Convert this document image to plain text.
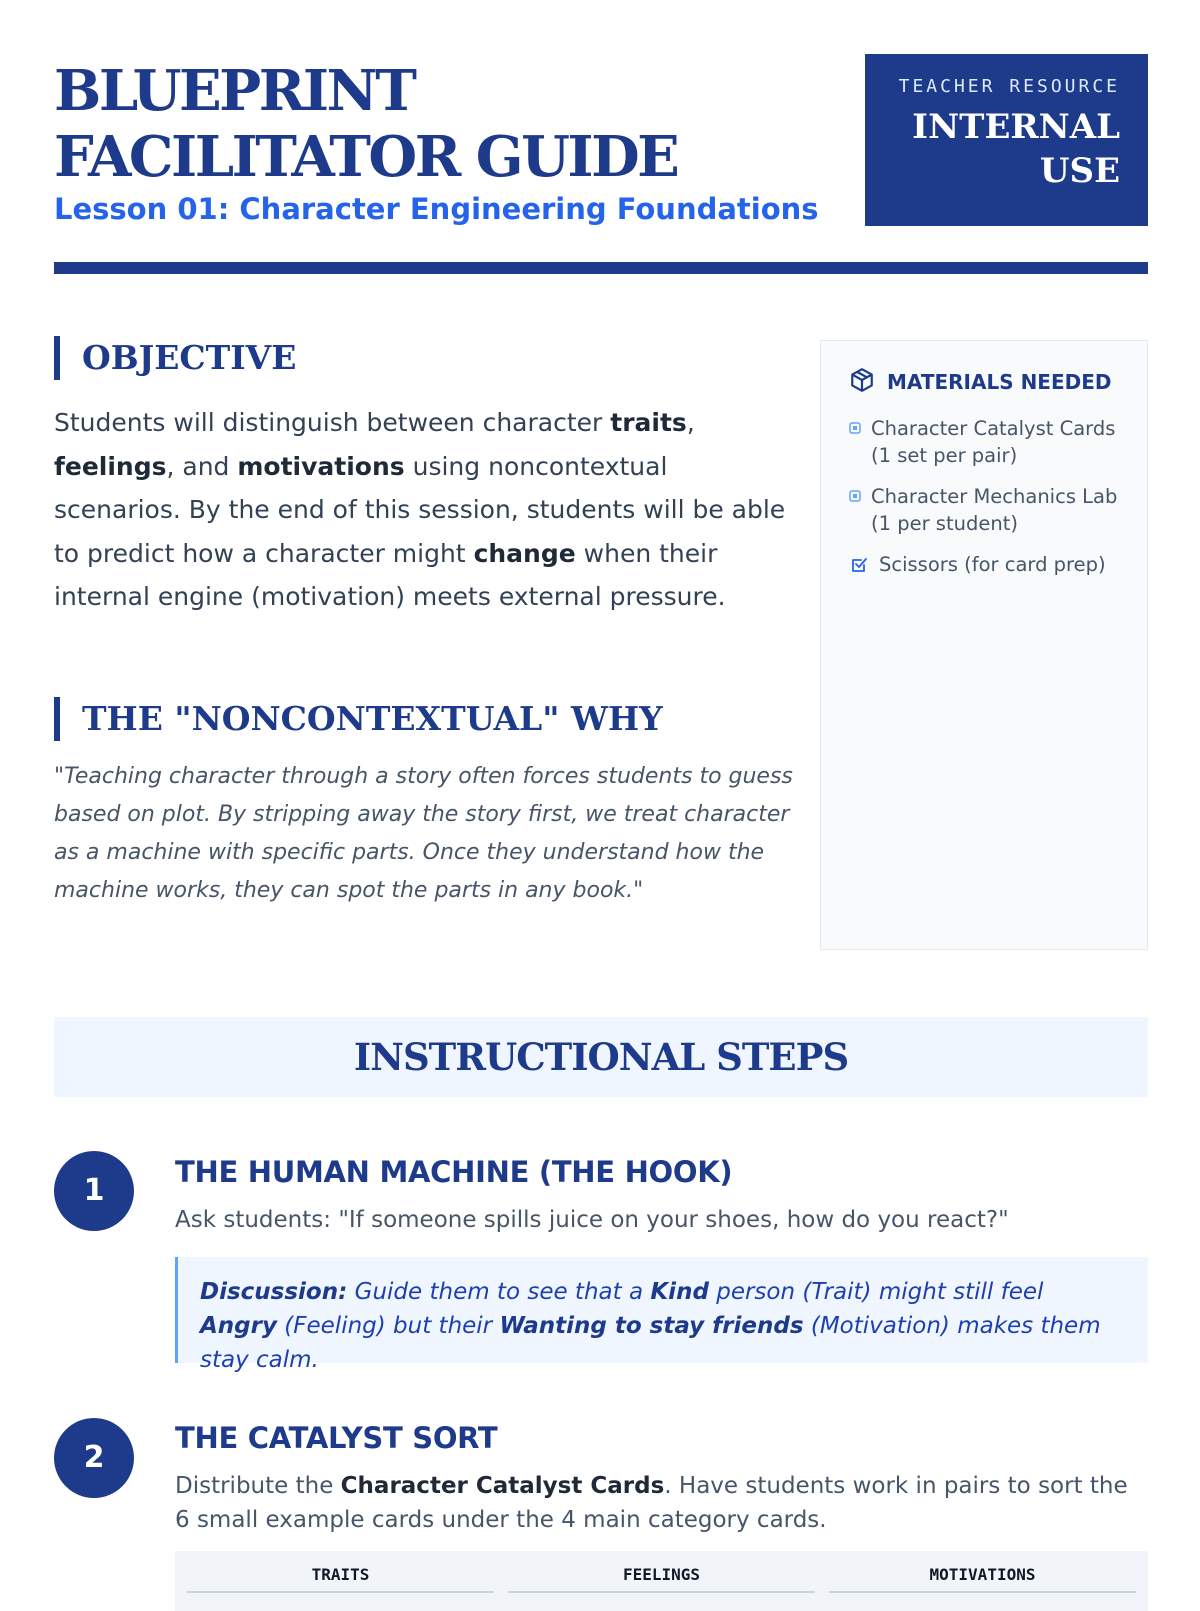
BLUEPRINT FACILITATOR GUIDE

Lesson 01: Character Engineering Foundations

TEACHER RESOURCE
INTERNAL USE
OBJECTIVE

Students will distinguish between character traits, feelings, and motivations using noncontextual scenarios. By the end of this session, students will be able to predict how a character might change when their internal engine (motivation) meets external pressure.

THE "NONCONTEXTUAL" WHY

"Teaching character through a story often forces students to guess based on plot. By stripping away the story first, we treat character as a machine with specific parts. Once they understand how the machine works, they can spot the parts in any book."

MATERIALS NEEDED
Character Catalyst Cards (1 set per pair)
Character Mechanics Lab (1 per student)
Scissors (for card prep)
INSTRUCTIONAL STEPS
1
THE HUMAN MACHINE (THE HOOK)

Ask students: "If someone spills juice on your shoes, how do you react?"

Discussion: Guide them to see that a Kind person (Trait) might still feel Angry (Feeling) but their Wanting to stay friends (Motivation) makes them stay calm.

2
THE CATALYST SORT

Distribute the Character Catalyst Cards. Have students work in pairs to sort the 6 small example cards under the 4 main category cards.

TRAITS	FEELINGS	MOTIVATIONS
